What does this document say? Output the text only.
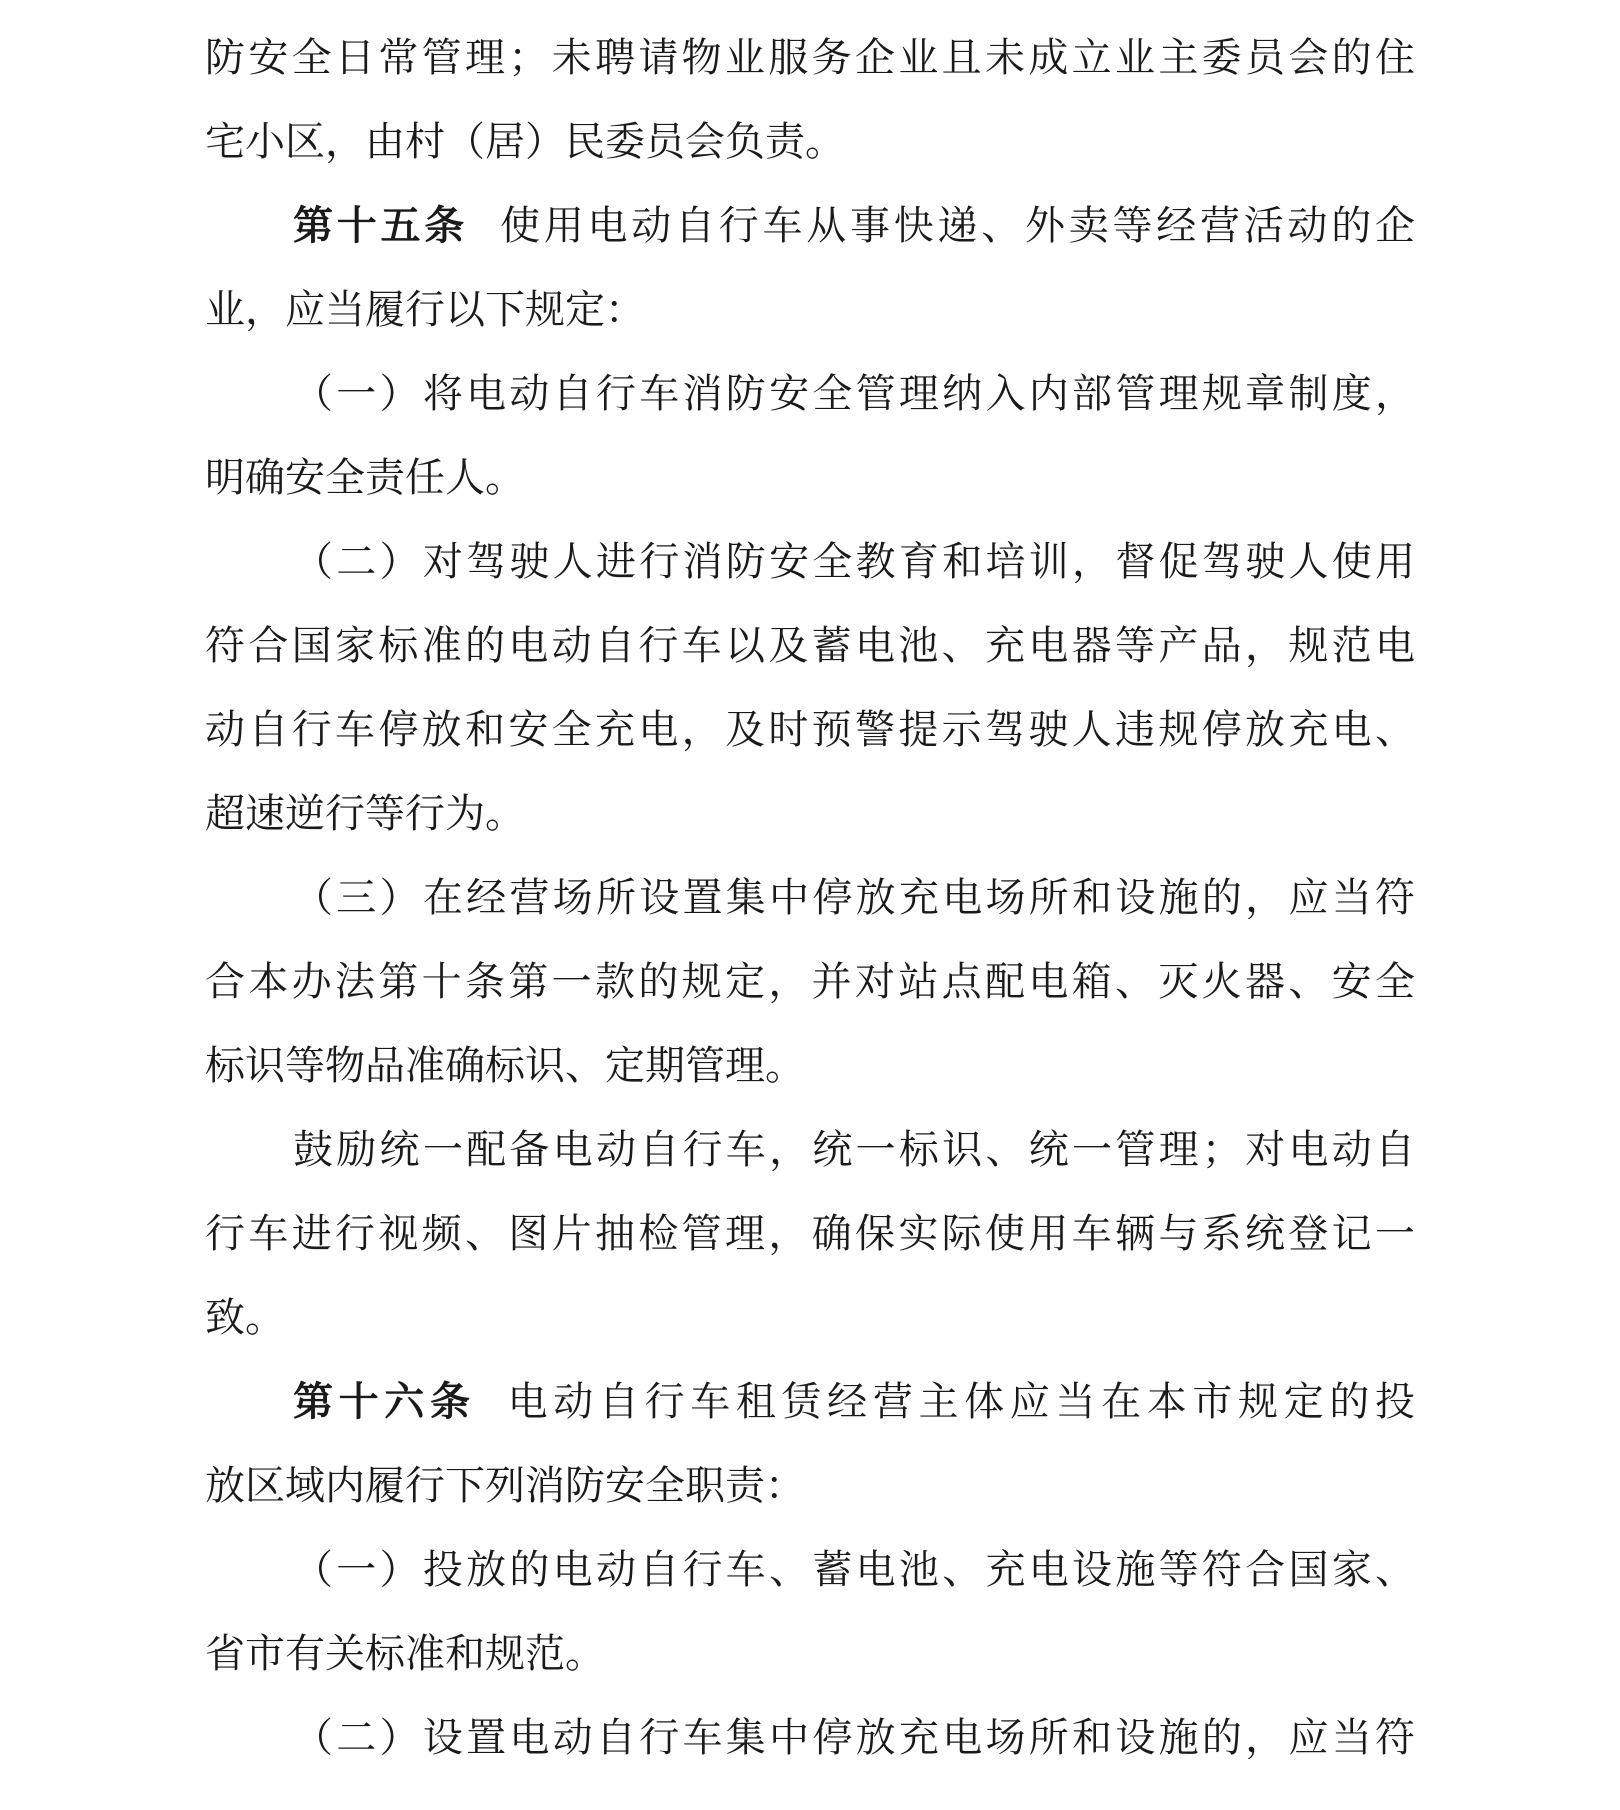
防安全日常管理；未聘请物业服务企业且未成立业主委员会的住
宅小区，由村（居）民委员会负责。
第十五条 使用电动自行车从事快递、外卖等经营活动的企
业，应当履行以下规定：
（一）将电动自行车消防安全管理纳入内部管理规章制度，
明确安全责任人。
（二）对驾驶人进行消防安全教育和培训，督促驾驶人使用
符合国家标准的电动自行车以及蓄电池、充电器等产品，规范电
动自行车停放和安全充电，及时预警提示驾驶人违规停放充电、
超速逆行等行为。
（三）在经营场所设置集中停放充电场所和设施的，应当符
合本办法第十条第一款的规定，并对站点配电箱、灭火器、安全
标识等物品准确标识、定期管理。
鼓励统一配备电动自行车，统一标识、统一管理；对电动自
行车进行视频、图片抽检管理，确保实际使用车辆与系统登记一
致。
第十六条 电动自行车租赁经营主体应当在本市规定的投
放区域内履行下列消防安全职责：
（一）投放的电动自行车、蓄电池、充电设施等符合国家、
省市有关标准和规范。
（二）设置电动自行车集中停放充电场所和设施的，应当符
